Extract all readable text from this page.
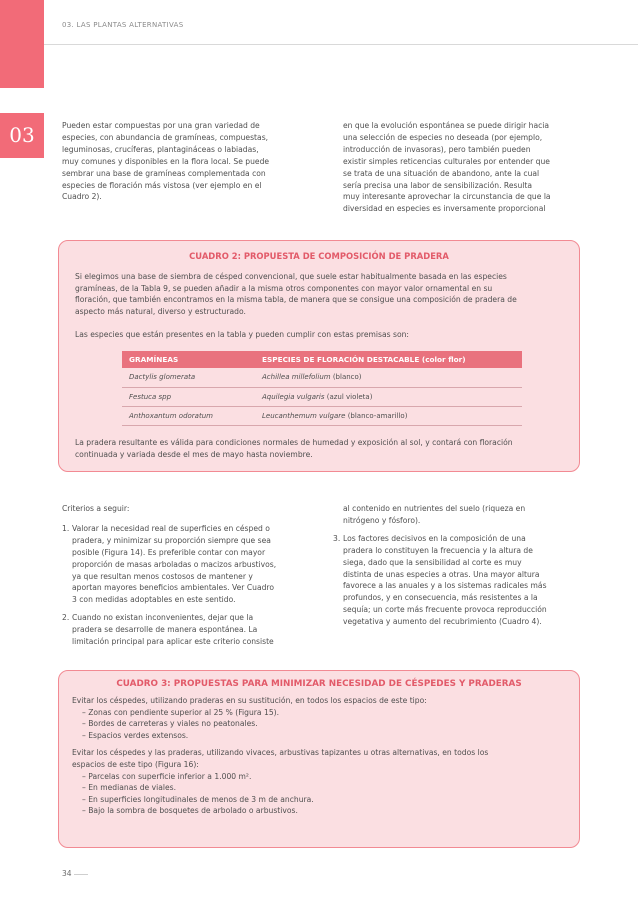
03. LAS PLANTAS ALTERNATIVAS
03	Pueden estar compuestas por una gran variedad de
especies, con abundancia de gramíneas, compuestas,
leguminosas, crucíferas, plantagináceas o labiadas,
muy comunes y disponibles en la flora local. Se puede
sembrar una base de gramíneas complementada con
especies de floración más vistosa (ver ejemplo en el
Cuadro 2).
en que la evolución espontánea se puede dirigir hacia
una selección de especies no deseada (por ejemplo,
introducción de invasoras), pero también pueden
existir simples reticencias culturales por entender que
se trata de una situación de abandono, ante la cual
sería precisa una labor de sensibilización. Resulta
muy interesante aprovechar la circunstancia de que la
diversidad en especies es inversamente proporcional
CUADRO 2: PROPUESTA DE COMPOSICIÓN DE PRADERA
Si elegimos una base de siembra de césped convencional, que suele estar habitualmente basada en las especies
gramíneas, de la Tabla 9, se pueden añadir a la misma otros componentes con mayor valor ornamental en su
floración, que también encontramos en la misma tabla, de manera que se consigue una composición de pradera de
aspecto más natural, diverso y estructurado.
Las especies que están presentes en la tabla y pueden cumplir con estas premisas son:
GRAMÍNEAS	ESPECIES DE FLORACIÓN DESTACABLE (color flor)
Dactylis glomerata	Achillea millefolium (blanco)
Festuca spp	Aquilegia vulgaris (azul violeta)
Anthoxantum odoratum	Leucanthemum vulgare (blanco-amarillo)
La pradera resultante es válida para condiciones normales de humedad y exposición al sol, y contará con floración
continuada y variada desde el mes de mayo hasta noviembre.
Criterios a seguir:
1. Valorar la necesidad real de superficies en césped o
pradera, y minimizar su proporción siempre que sea
posible (Figura 14). Es preferible contar con mayor
proporción de masas arboladas o macizos arbustivos,
ya que resultan menos costosos de mantener y
aportan mayores beneficios ambientales. Ver Cuadro
3 con medidas adoptables en este sentido.
2. Cuando no existan inconvenientes, dejar que la
pradera se desarrolle de manera espontánea. La
limitación principal para aplicar este criterio consiste
al contenido en nutrientes del suelo (riqueza en
nitrógeno y fósforo).
3. Los factores decisivos en la composición de una
pradera lo constituyen la frecuencia y la altura de
siega, dado que la sensibilidad al corte es muy
distinta de unas especies a otras. Una mayor altura
favorece a las anuales y a los sistemas radicales más
profundos, y en consecuencia, más resistentes a la
sequía; un corte más frecuente provoca reproducción
vegetativa y aumento del recubrimiento (Cuadro 4).
CUADRO 3: PROPUESTAS PARA MINIMIZAR NECESIDAD DE CÉSPEDES Y PRADERAS
Evitar los céspedes, utilizando praderas en su sustitución, en todos los espacios de este tipo:
– Zonas con pendiente superior al 25 % (Figura 15).
– Bordes de carreteras y viales no peatonales.
– Espacios verdes extensos.
Evitar los céspedes y las praderas, utilizando vivaces, arbustivas tapizantes u otras alternativas, en todos los
espacios de este tipo (Figura 16):
– Parcelas con superficie inferior a 1.000 m².
– En medianas de viales.
– En superficies longitudinales de menos de 3 m de anchura.
– Bajo la sombra de bosquetes de arbolado o arbustivos.
34
